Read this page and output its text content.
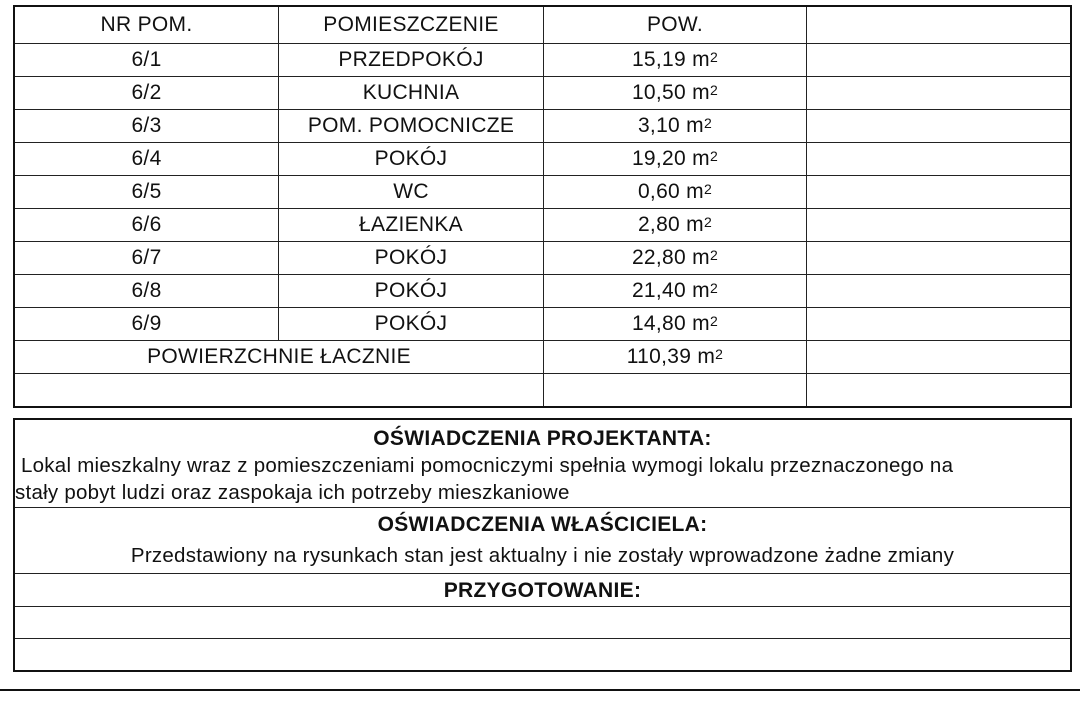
NR POM.	POMIESZCZENIE	POW.
6/1	PRZEDPOKÓJ	15,19 m 2
6/2	KUCHNIA	10,50 m 2
6/3	POM. POMOCNICZE	3,10 m 2
6/4	POKÓJ	19,20 m 2
6/5	WC	0,60 m 2
6/6	ŁAZIENKA	2,80 m 2
6/7	POKÓJ	22,80 m 2
6/8	POKÓJ	21,40 m 2
6/9	POKÓJ	14,80 m 2
POWIERZCHNIE ŁACZNIE	110,39 m 2
OŚWIADCZENIA PROJEKTANTA:
Lokal mieszkalny wraz z pomieszczeniami pomocniczymi spełnia wymogi lokalu przeznaczonego na
stały pobyt ludzi oraz zaspokaja ich potrzeby mieszkaniowe
OŚWIADCZENIA WŁAŚCICIELA:
Przedstawiony na rysunkach stan jest aktualny i nie zostały wprowadzone żadne zmiany
PRZYGOTOWANIE:
